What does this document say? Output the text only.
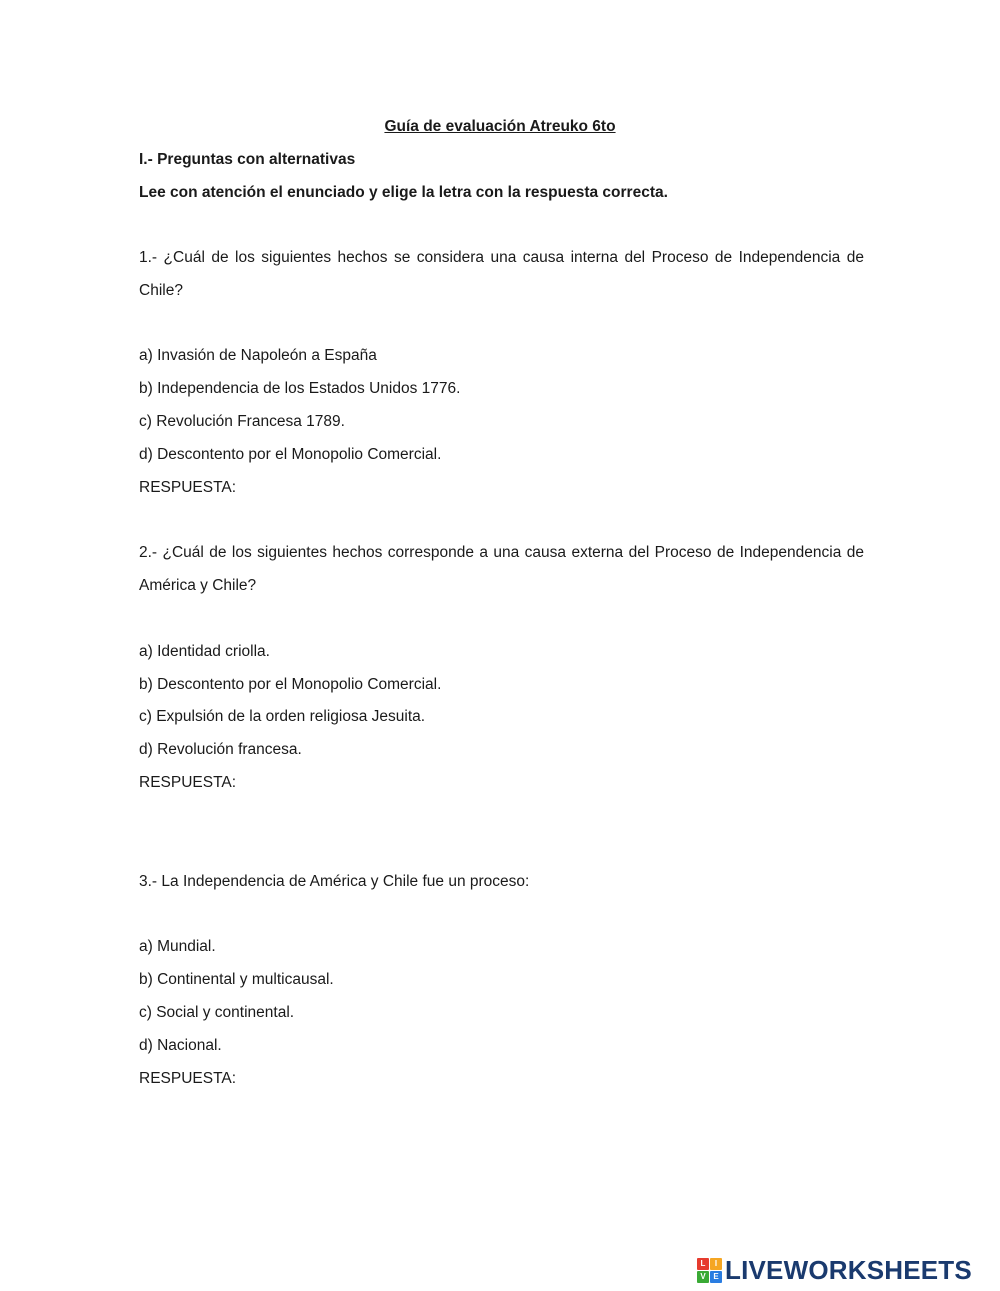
Guía de evaluación Atreuko 6to
I.- Preguntas con alternativas
Lee con atención el enunciado y elige la letra con la respuesta correcta.
1.- ¿Cuál de los siguientes hechos se considera una causa interna del Proceso de Independencia de Chile?
a) Invasión de Napoleón a España
b) Independencia de los Estados Unidos 1776.
c) Revolución Francesa 1789.
d) Descontento por el Monopolio Comercial.
RESPUESTA:
2.- ¿Cuál de los siguientes hechos corresponde a una causa externa del Proceso de Independencia de América y Chile?
a) Identidad criolla.
b) Descontento por el Monopolio Comercial.
c) Expulsión de la orden religiosa Jesuita.
d) Revolución francesa.
RESPUESTA:
3.- La Independencia de América y Chile fue un proceso:
a) Mundial.
b) Continental y multicausal.
c) Social y continental.
d) Nacional.
RESPUESTA:
L	I
V E LIVEWORKSHEETS
